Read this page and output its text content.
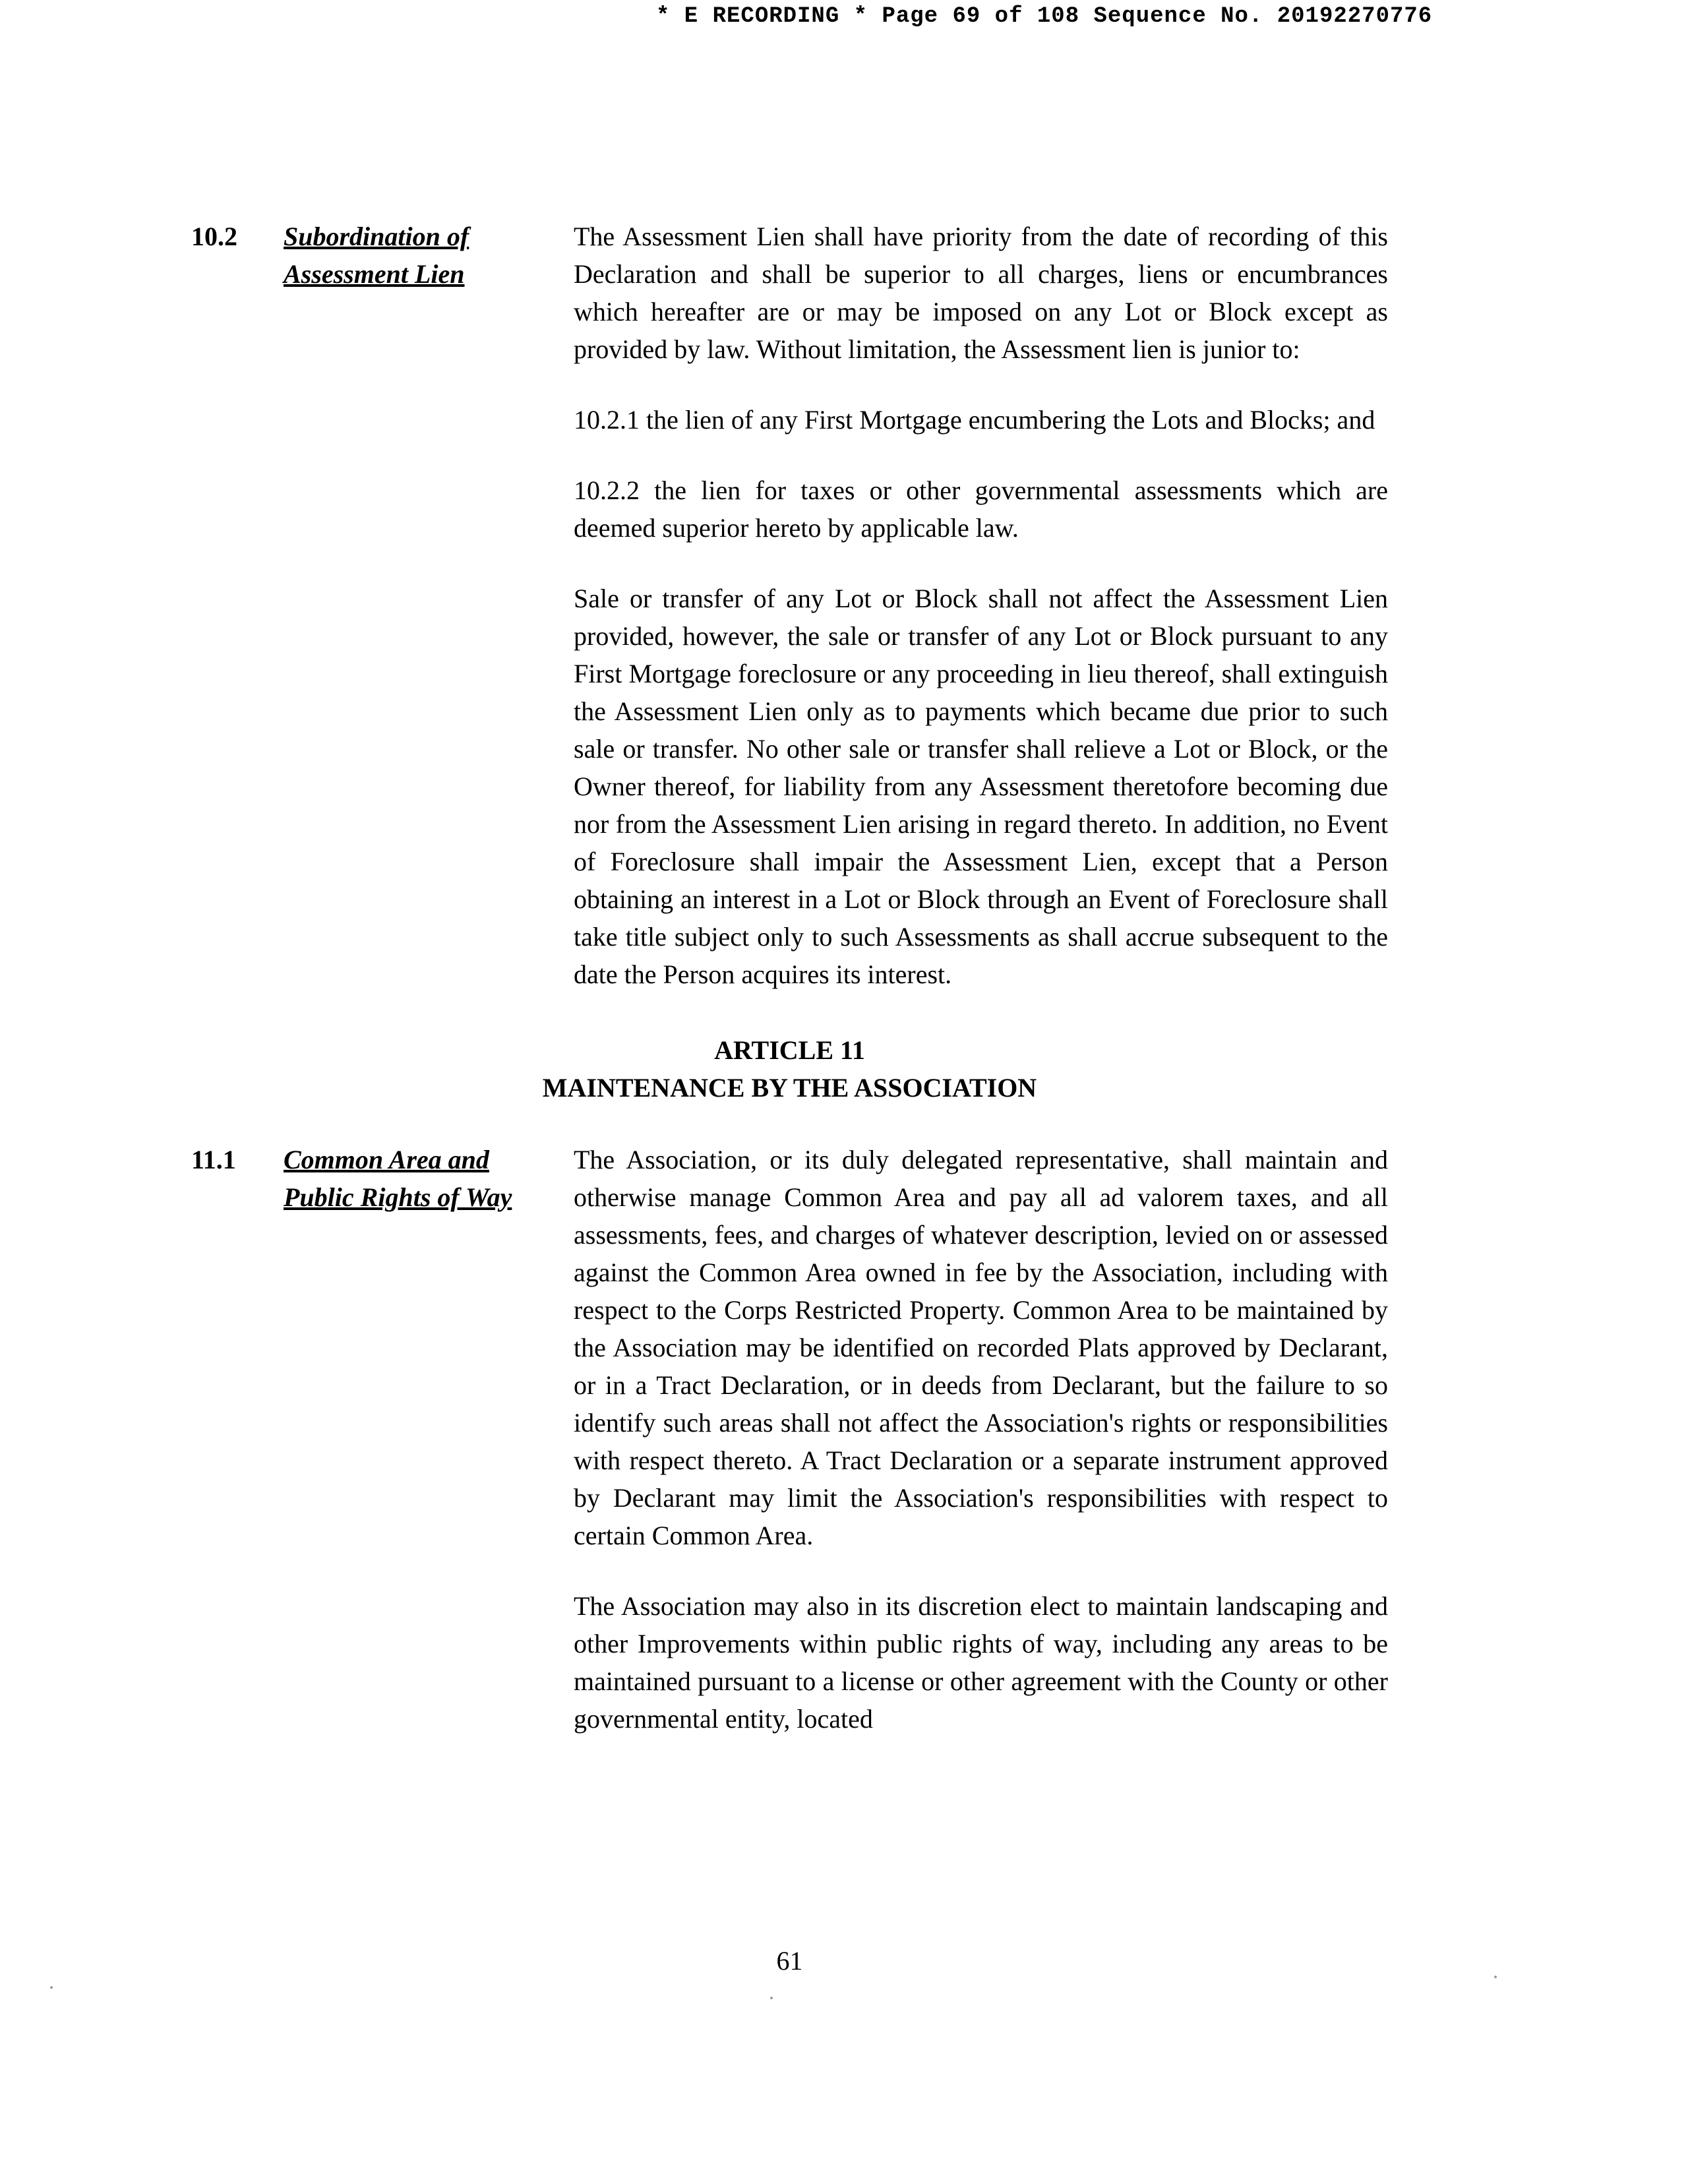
* E RECORDING * Page 69 of 108 Sequence No. 20192270776
10.2	Subordination of Assessment Lien

The Assessment Lien shall have priority from the date of recording of this Declaration and shall be superior to all charges, liens or encumbrances which hereafter are or may be imposed on any Lot or Block except as provided by law. Without limitation, the Assessment lien is junior to:

10.2.1 the lien of any First Mortgage encumbering the Lots and Blocks; and

10.2.2 the lien for taxes or other governmental assessments which are deemed superior hereto by applicable law.

Sale or transfer of any Lot or Block shall not affect the Assessment Lien provided, however, the sale or transfer of any Lot or Block pursuant to any First Mortgage foreclosure or any proceeding in lieu thereof, shall extinguish the Assessment Lien only as to payments which became due prior to such sale or transfer. No other sale or transfer shall relieve a Lot or Block, or the Owner thereof, for liability from any Assessment theretofore becoming due nor from the Assessment Lien arising in regard thereto. In addition, no Event of Foreclosure shall impair the Assessment Lien, except that a Person obtaining an interest in a Lot or Block through an Event of Foreclosure shall take title subject only to such Assessments as shall accrue subsequent to the date the Person acquires its interest.

ARTICLE 11
MAINTENANCE BY THE ASSOCIATION
11.1	Common Area and Public Rights of Way

The Association, or its duly delegated representative, shall maintain and otherwise manage Common Area and pay all ad valorem taxes, and all assessments, fees, and charges of whatever description, levied on or assessed against the Common Area owned in fee by the Association, including with respect to the Corps Restricted Property. Common Area to be maintained by the Association may be identified on recorded Plats approved by Declarant, or in a Tract Declaration, or in deeds from Declarant, but the failure to so identify such areas shall not affect the Association's rights or responsibilities with respect thereto. A Tract Declaration or a separate instrument approved by Declarant may limit the Association's responsibilities with respect to certain Common Area.

The Association may also in its discretion elect to maintain landscaping and other Improvements within public rights of way, including any areas to be maintained pursuant to a license or other agreement with the County or other governmental entity, located

61
